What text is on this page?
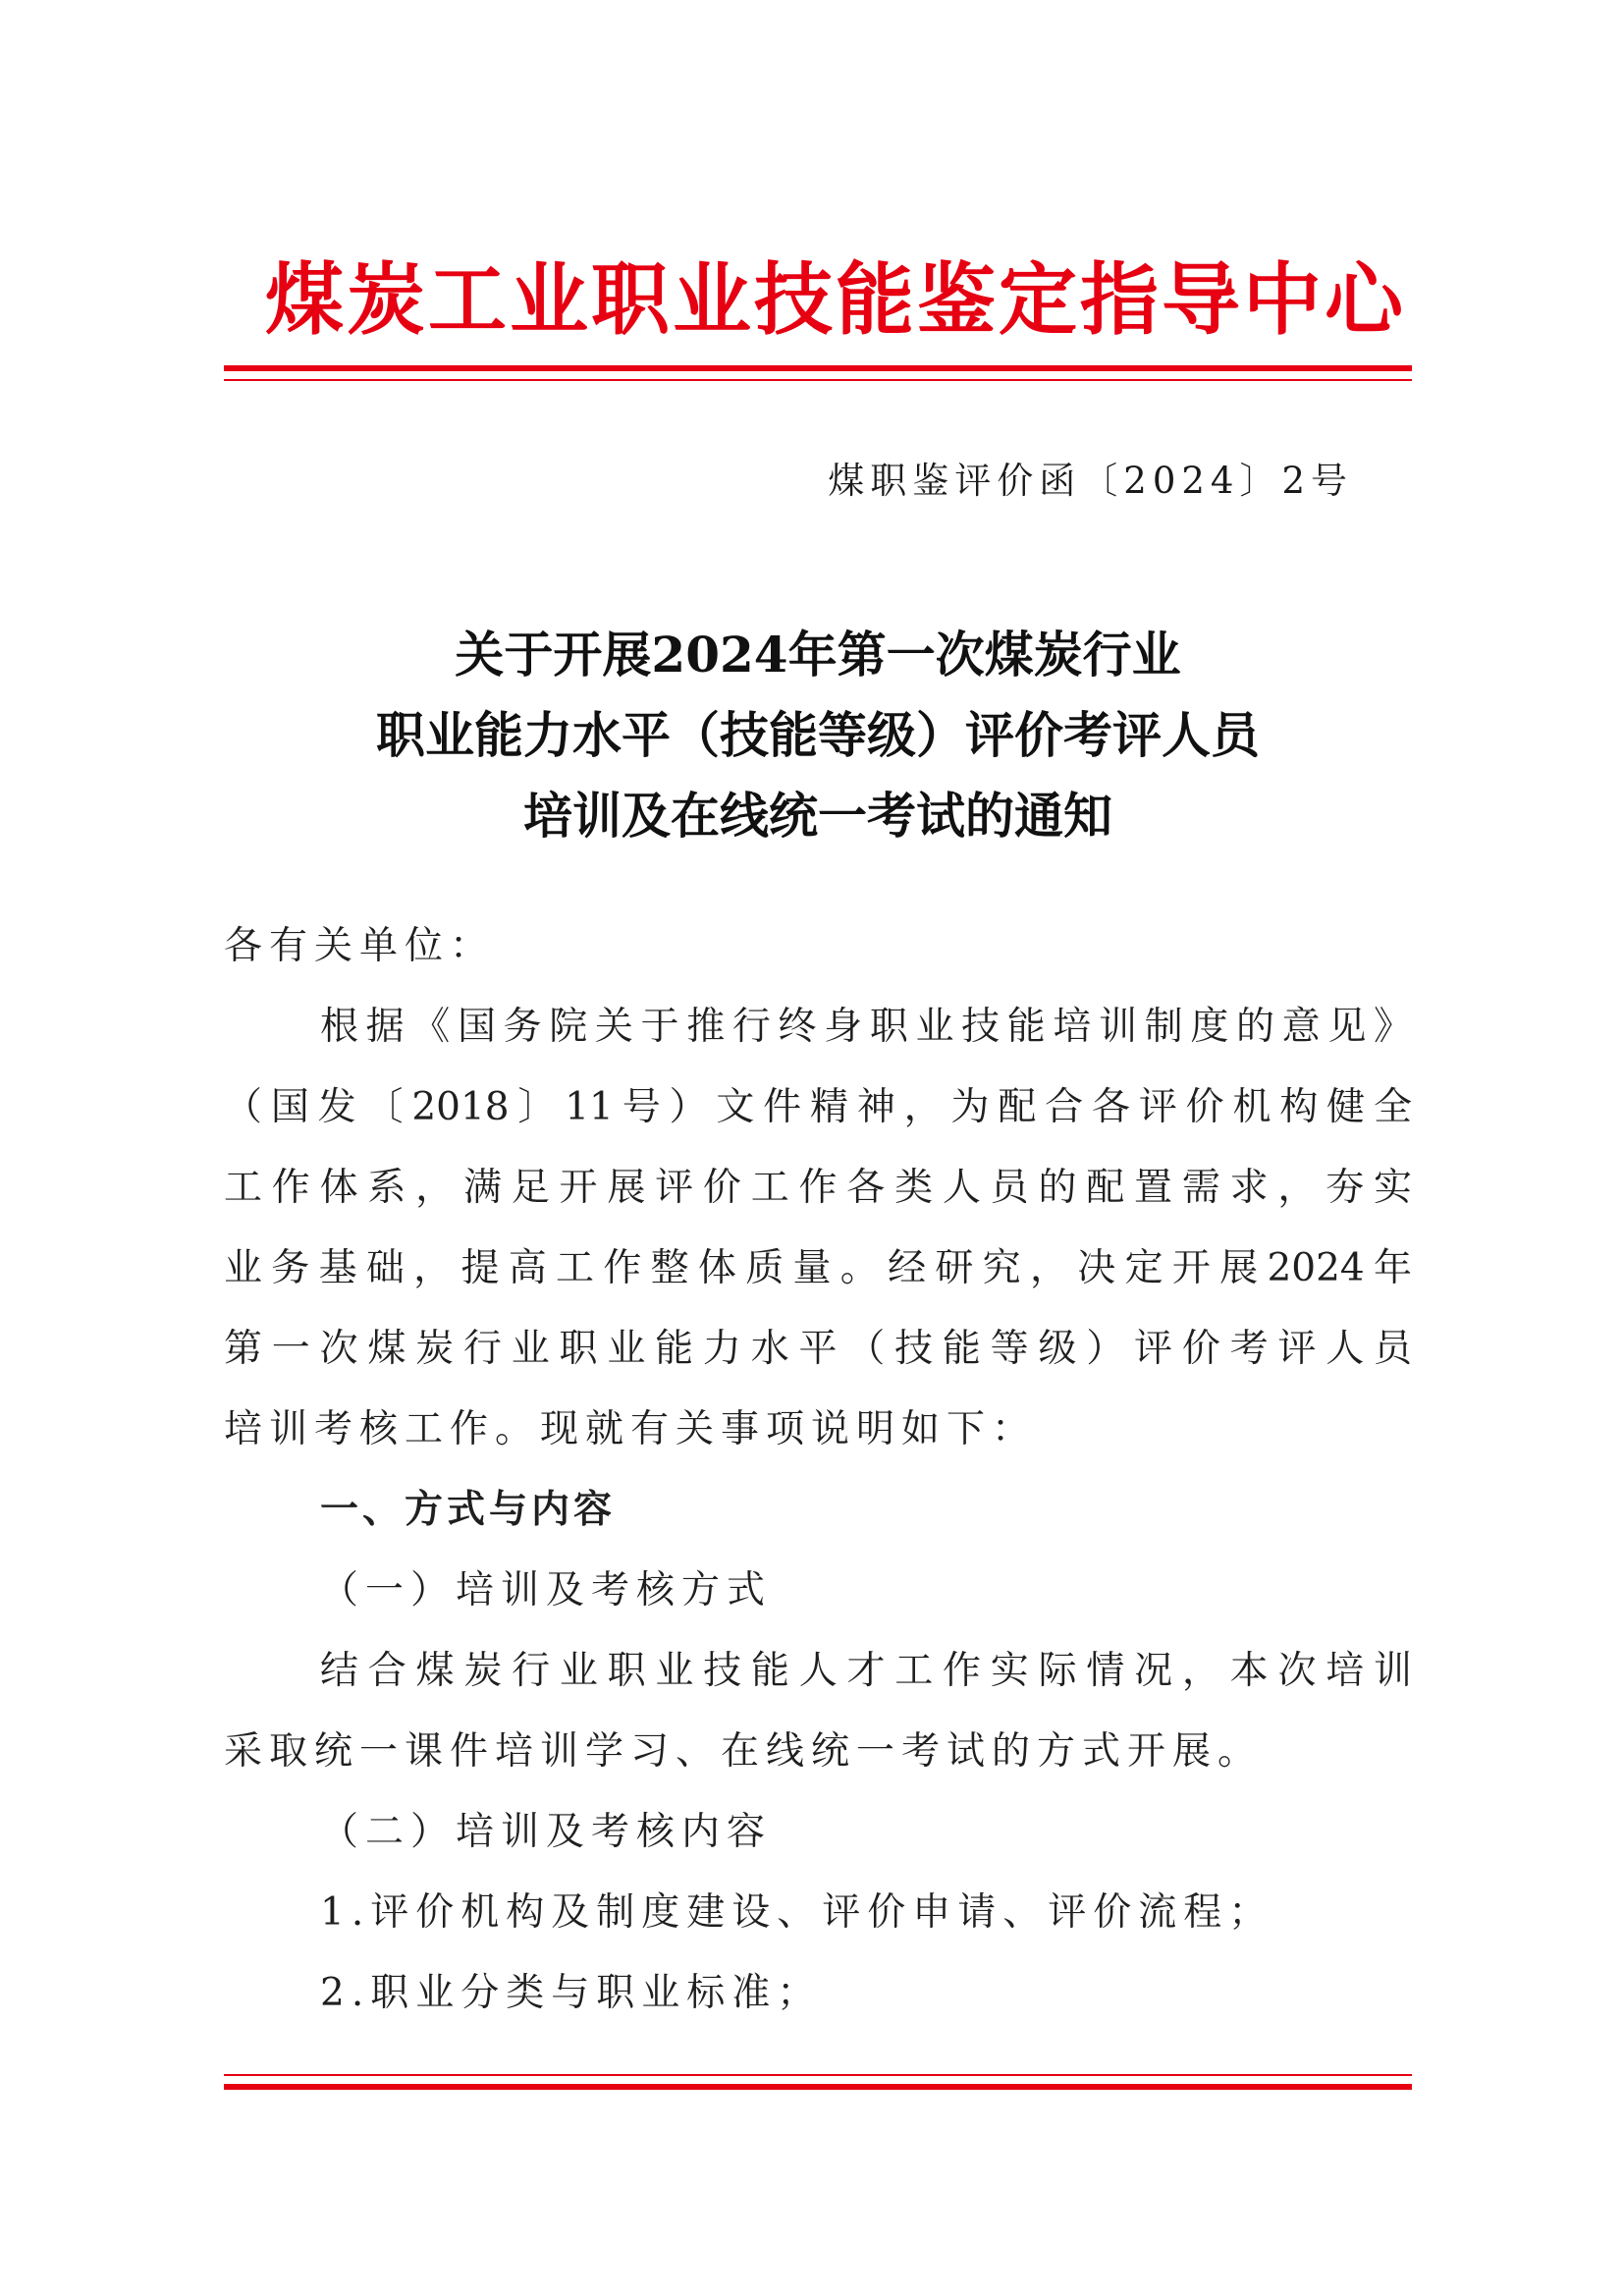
煤炭工业职业技能鉴定指导中心
煤职鉴评价函〔2024〕2号
关于开展2024年第一次煤炭行业
职业能力水平（技能等级）评价考评人员
培训及在线统一考试的通知
各有关单位：
根据《国务院关于推行终身职业技能培训制度的意见》
（国发〔2018〕11号）文件精神，为配合各评价机构健全
工作体系，满足开展评价工作各类人员的配置需求，夯实
业务基础，提高工作整体质量。经研究，决定开展2024年
第一次煤炭行业职业能力水平（技能等级）评价考评人员
培训考核工作。现就有关事项说明如下：
一、方式与内容
（一）培训及考核方式
结合煤炭行业职业技能人才工作实际情况，本次培训
采取统一课件培训学习、在线统一考试的方式开展。
（二）培训及考核内容
1.评价机构及制度建设、评价申请、评价流程；
2.职业分类与职业标准；
